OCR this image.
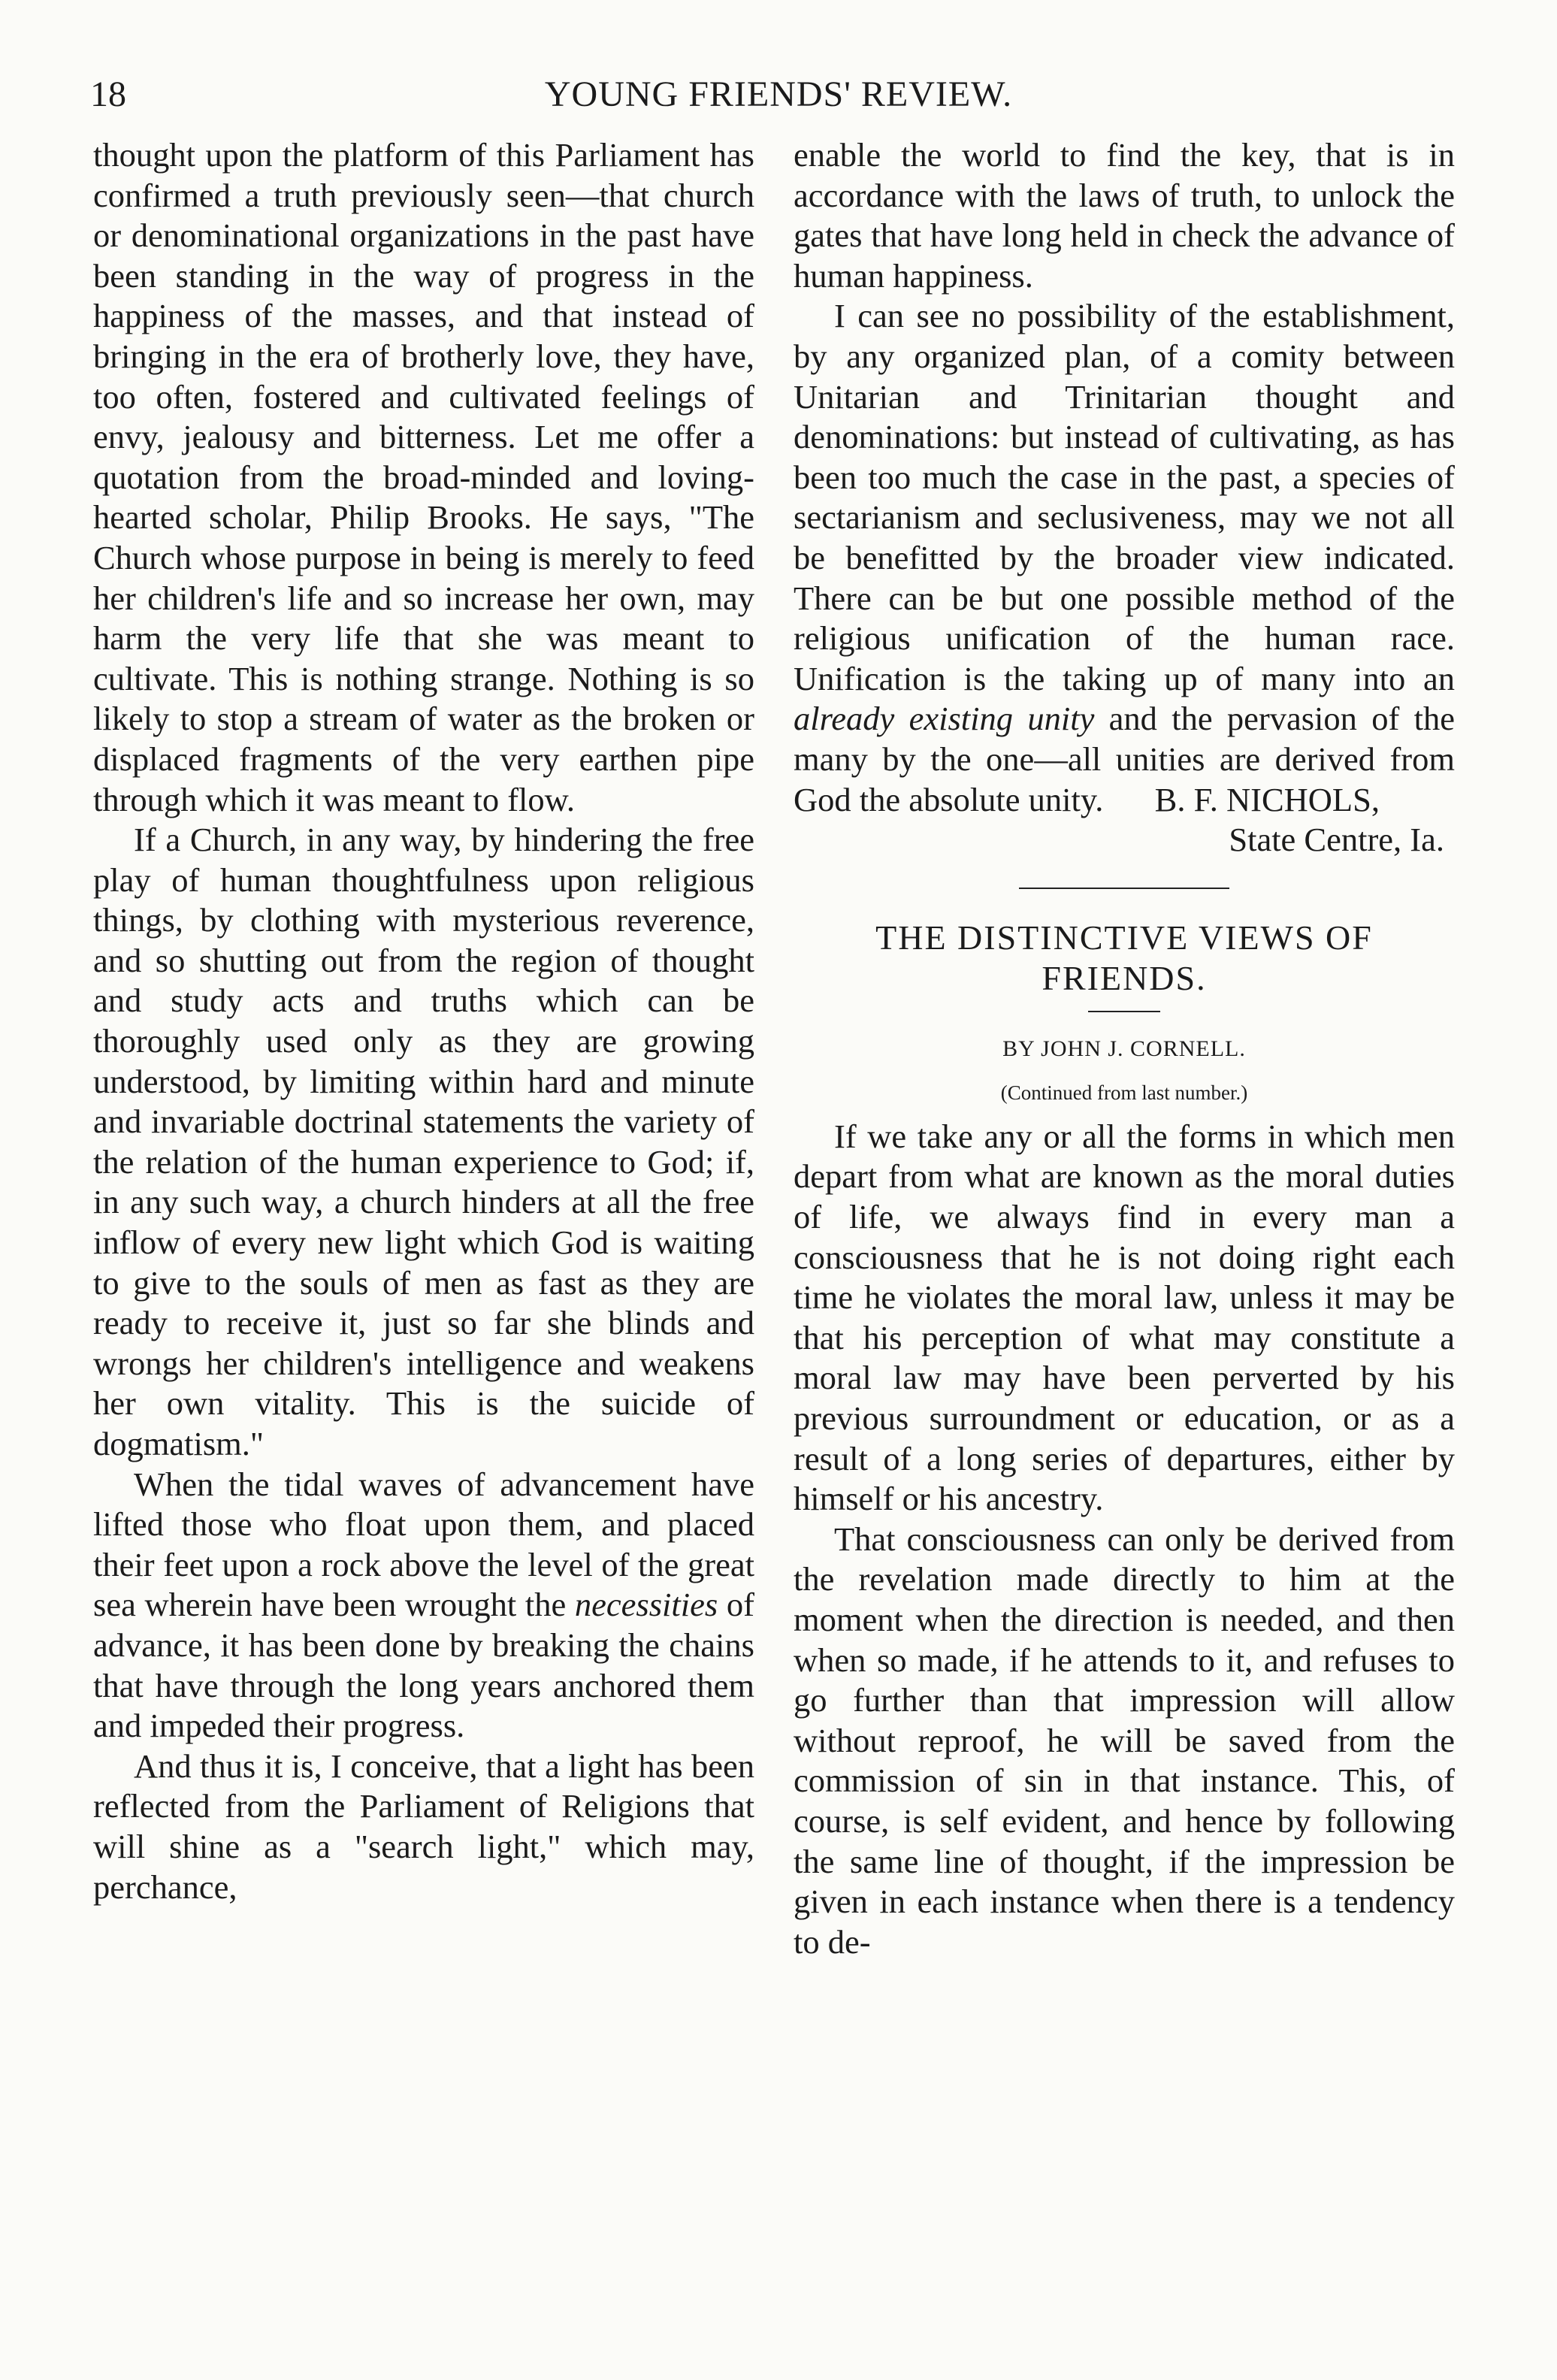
18	YOUNG FRIENDS' REVIEW.

thought upon the platform of this Parliament has confirmed a truth previously seen—that church or denominational organizations in the past have been standing in the way of progress in the happiness of the masses, and that instead of bringing in the era of brotherly love, they have, too often, fostered and cultivated feelings of envy, jealousy and bitterness. Let me offer a quotation from the broad-minded and loving-hearted scholar, Philip Brooks. He says, "The Church whose purpose in being is merely to feed her children's life and so increase her own, may harm the very life that she was meant to cultivate. This is nothing strange. Nothing is so likely to stop a stream of water as the broken or displaced fragments of the very earthen pipe through which it was meant to flow.

If a Church, in any way, by hindering the free play of human thoughtfulness upon religious things, by clothing with mysterious reverence, and so shutting out from the region of thought and study acts and truths which can be thoroughly used only as they are growing understood, by limiting within hard and minute and invariable doctrinal statements the variety of the relation of the human experience to God; if, in any such way, a church hinders at all the free inflow of every new light which God is waiting to give to the souls of men as fast as they are ready to receive it, just so far she blinds and wrongs her children's intelligence and weakens her own vitality. This is the suicide of dogmatism."

When the tidal waves of advancement have lifted those who float upon them, and placed their feet upon a rock above the level of the great sea wherein have been wrought the necessities of advance, it has been done by breaking the chains that have through the long years anchored them and impeded their progress.

And thus it is, I conceive, that a light has been reflected from the Parliament of Religions that will shine as a "search light," which may, perchance,

enable the world to find the key, that is in accordance with the laws of truth, to unlock the gates that have long held in check the advance of human happiness.

I can see no possibility of the establishment, by any organized plan, of a comity between Unitarian and Trinitarian thought and denominations: but instead of cultivating, as has been too much the case in the past, a species of sectarianism and seclusiveness, may we not all be benefitted by the broader view indicated. There can be but one possible method of the religious unification of the human race. Unification is the taking up of many into an already existing unity and the pervasion of the many by the one—all unities are derived from God the absolute unity.	B. F. NICHOLS,
State Centre, Ia.
THE DISTINCTIVE VIEWS OF FRIENDS.
BY JOHN J. CORNELL.
(Continued from last number.)

If we take any or all the forms in which men depart from what are known as the moral duties of life, we always find in every man a consciousness that he is not doing right each time he violates the moral law, unless it may be that his perception of what may constitute a moral law may have been perverted by his previous surroundment or education, or as a result of a long series of departures, either by himself or his ancestry.

That consciousness can only be derived from the revelation made directly to him at the moment when the direction is needed, and then when so made, if he attends to it, and refuses to go further than that impression will allow without reproof, he will be saved from the commission of sin in that instance. This, of course, is self evident, and hence by following the same line of thought, if the impression be given in each instance when there is a tendency to de-
